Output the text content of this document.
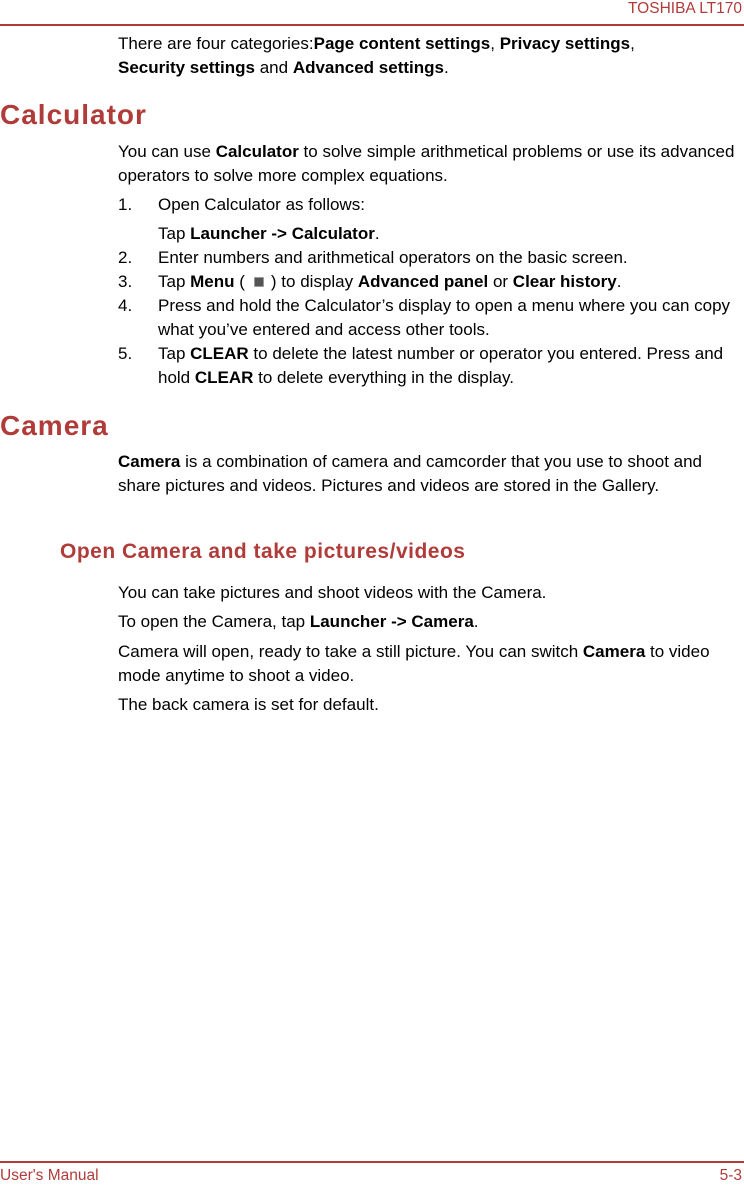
TOSHIBA LT170
There are four categories:Page content settings, Privacy settings,
Security settings and Advanced settings.
Calculator
You can use Calculator to solve simple arithmetical problems or use its advanced operators to solve more complex equations.
1. Open Calculator as follows:
Tap Launcher -> Calculator.
2. Enter numbers and arithmetical operators on the basic screen.
3. Tap Menu ( ) to display Advanced panel or Clear history.
4. Press and hold the Calculator’s display to open a menu where you can copy what you’ve entered and access other tools.
5. Tap CLEAR to delete the latest number or operator you entered. Press and hold CLEAR to delete everything in the display.
Camera
Camera is a combination of camera and camcorder that you use to shoot and share pictures and videos. Pictures and videos are stored in the Gallery.
Open Camera and take pictures/videos
You can take pictures and shoot videos with the Camera.
To open the Camera, tap Launcher -> Camera.
Camera will open, ready to take a still picture. You can switch Camera to video mode anytime to shoot a video.
The back camera is set for default.
User's Manual	5-3
